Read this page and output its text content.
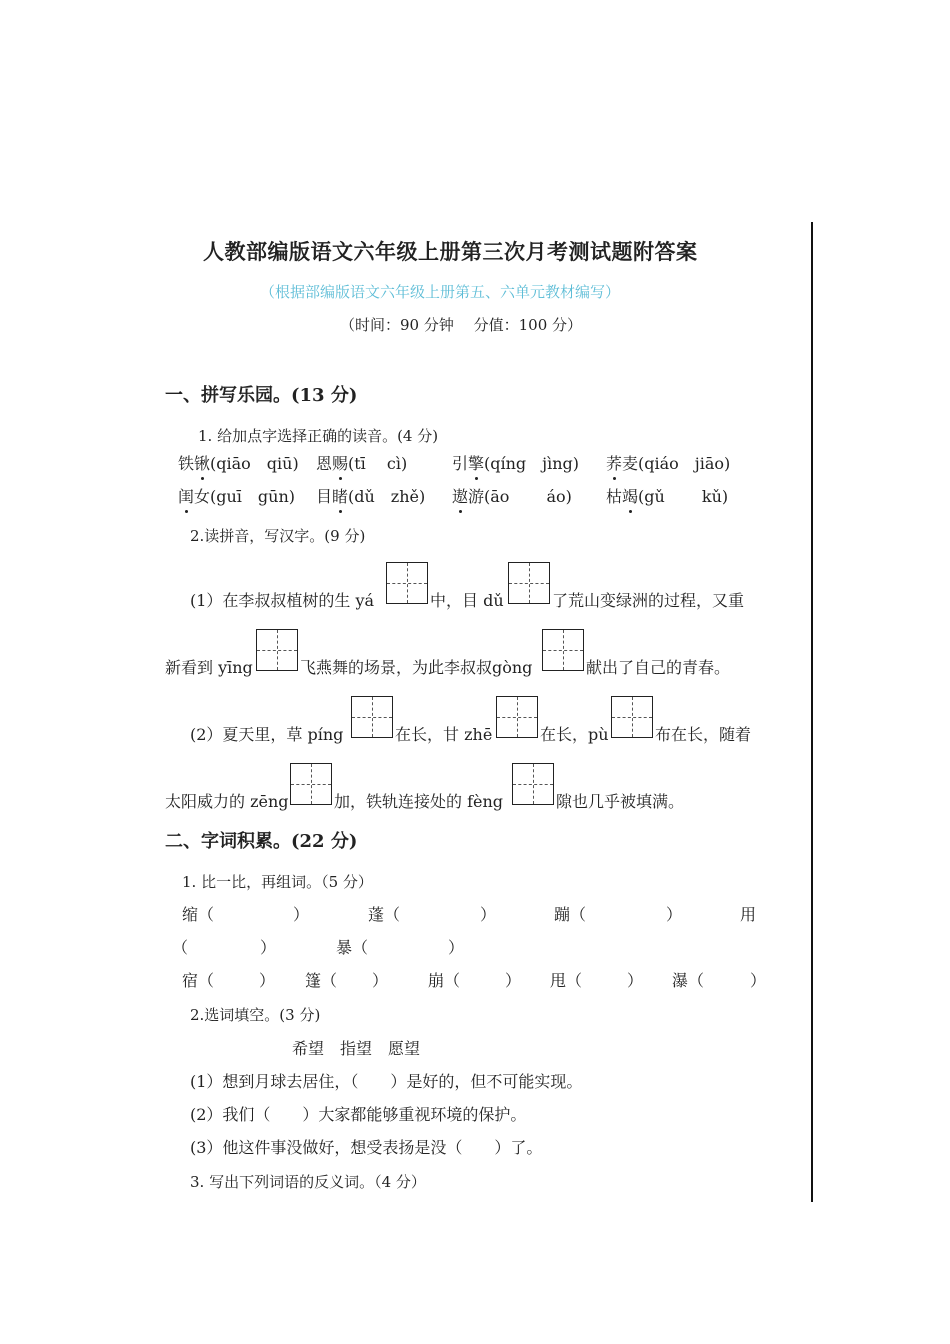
人教部编版语文六年级上册第三次月考测试题附答案
（根据部编版语文六年级上册第五、六单元教材编写）
（时间：90 分钟　 分值：100 分）
一、拼写乐园。(13 分)
1. 给加点字选择正确的读音。(4 分)
铁锹(qiāo　qiū) 恩赐(tī　 cì)	引擎(qíng　jìng) 荞麦(qiáo　jiāo)
闺女(guī　gūn) 目睹(dǔ　zhě) 遨游(āo　　 áo) 枯竭(gǔ　　 kǔ)
2.读拼音，写汉字。(9 分)
(1）在李叔叔植树的生 yá	中，目 dǔ	了荒山变绿洲的过程，又重
新看到 yīng	飞燕舞的场景，为此李叔叔gòng	献出了自己的青春。
(2）夏天里，草 píng	在长，甘 zhē	在长，pù	布在长，随着
太阳威力的 zēng	加，铁轨连接处的 fèng	隙也几乎被填满。
二、字词积累。(22 分)
1. 比一比，再组词。（5 分）
缩（	）	蓬（	）	蹦（	）	用
（	）	暴（	）
宿（	） 篷（ ） 崩（	） 甩（	） 瀑（	）
2.选词填空。(3 分)
希望　指望　愿望
(1）想到月球去居住，（　　）是好的，但不可能实现。
(2）我们（　　）大家都能够重视环境的保护。
(3）他这件事没做好，想受表扬是没（　　）了。
3. 写出下列词语的反义词。（4 分）
